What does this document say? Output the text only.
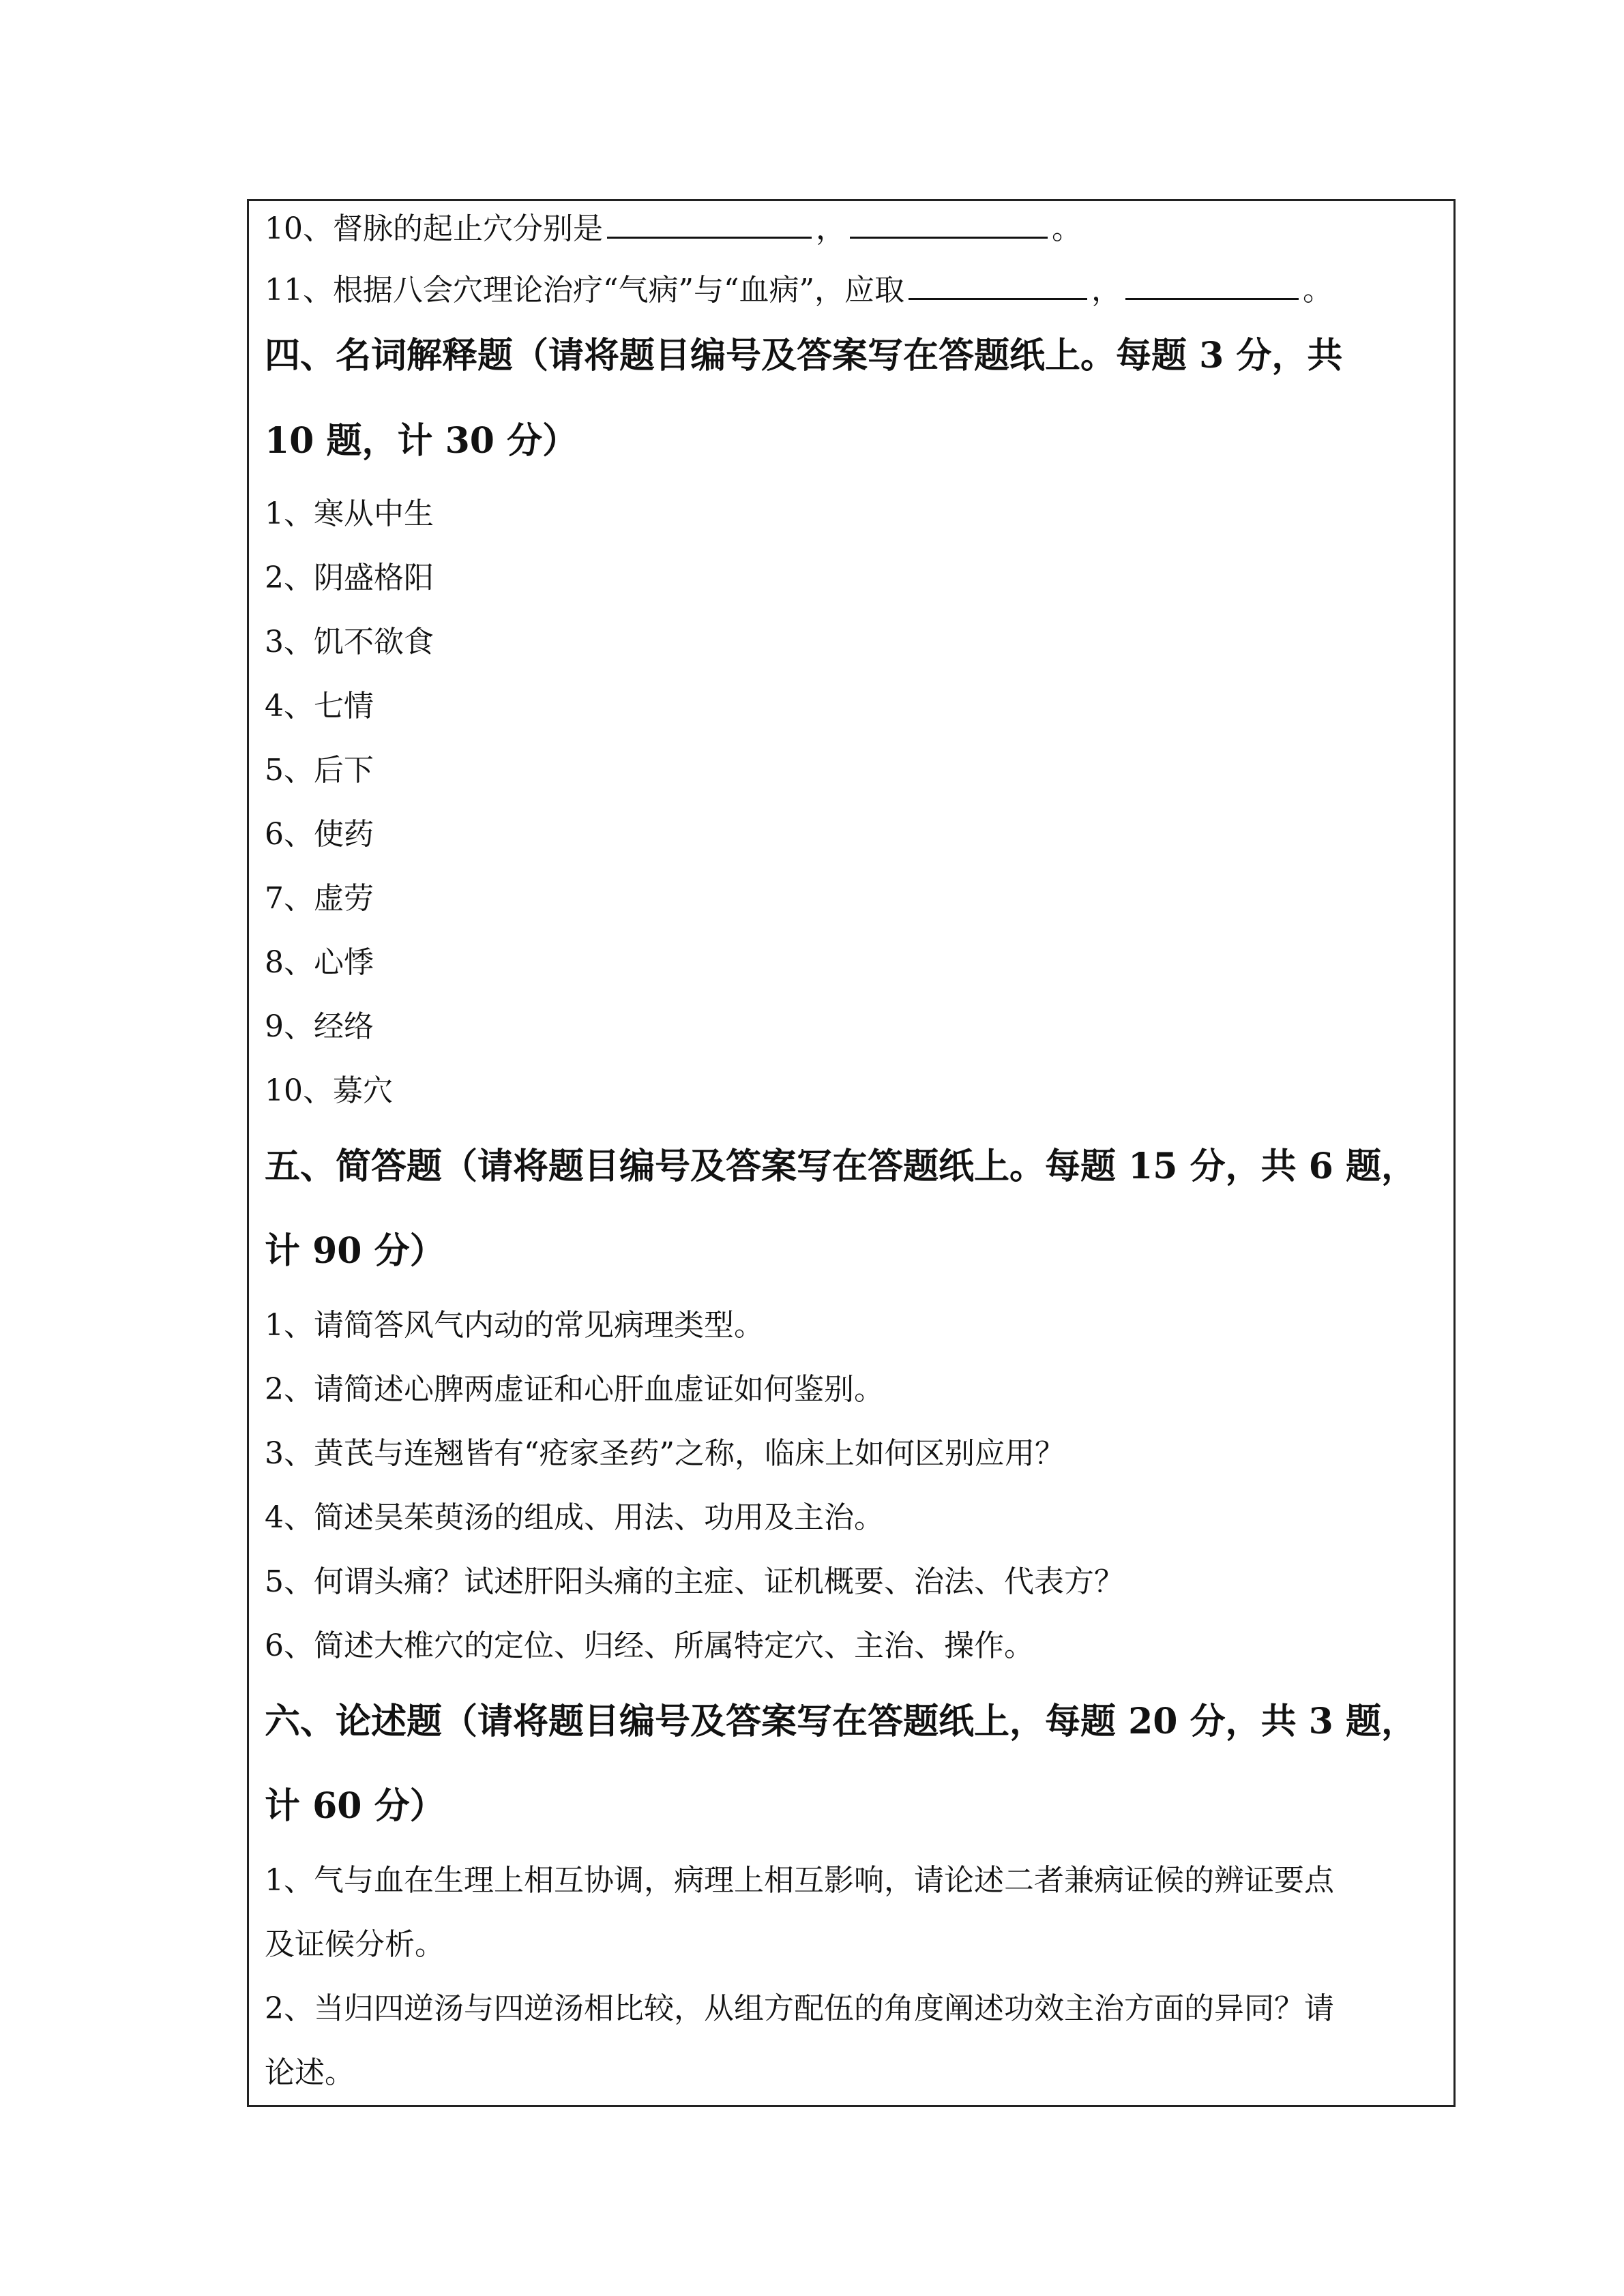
10、督脉的起止穴分别是	，	。
11、根据八会穴理论治疗“气病”与“血病”，应取	，	。
四、名词解释题（请将题目编号及答案写在答题纸上。每题 3 分，共
10 题，计 30 分）
1、寒从中生
2、阴盛格阳
3、饥不欲食
4、七情
5、后下
6、使药
7、虚劳
8、心悸
9、经络
10、募穴
五、简答题（请将题目编号及答案写在答题纸上。每题 15 分，共 6 题，
计 90 分）
1、请简答风气内动的常见病理类型。
2、请简述心脾两虚证和心肝血虚证如何鉴别。
3、黄芪与连翘皆有“疮家圣药”之称，临床上如何区别应用？
4、简述吴茱萸汤的组成、用法、功用及主治。
5、何谓头痛？试述肝阳头痛的主症、证机概要、治法、代表方？
6、简述大椎穴的定位、归经、所属特定穴、主治、操作。
六、论述题（请将题目编号及答案写在答题纸上，每题 20 分，共 3 题，
计 60 分）
1、气与血在生理上相互协调，病理上相互影响，请论述二者兼病证候的辨证要点
及证候分析。
2、当归四逆汤与四逆汤相比较，从组方配伍的角度阐述功效主治方面的异同？请
论述。
